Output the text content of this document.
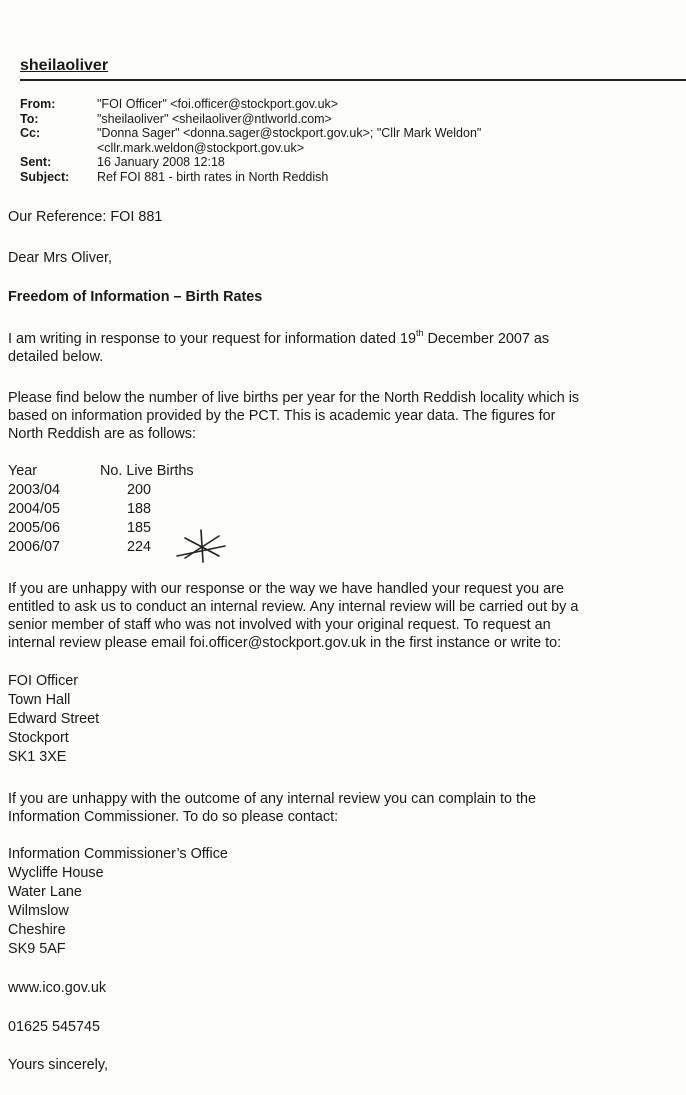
sheilaoliver
From:	"FOI Officer" <foi.officer@stockport.gov.uk>
To:	"sheilaoliver" <sheilaoliver@ntlworld.com>
Cc:	"Donna Sager" <donna.sager@stockport.gov.uk>; "Cllr Mark Weldon"
<cllr.mark.weldon@stockport.gov.uk>
Sent:	16 January 2008 12:18
Subject:	Ref FOI 881 - birth rates in North Reddish

Our Reference: FOI 881

Dear Mrs Oliver,

Freedom of Information – Birth Rates

I am writing in response to your request for information dated 19th December 2007 as

detailed below.

Please find below the number of live births per year for the North Reddish locality which is

based on information provided by the PCT. This is academic year data. The figures for

North Reddish are as follows:

Year	No. Live Births
2003/04	200
2004/05	188
2005/06	185
2006/07	224

If you are unhappy with our response or the way we have handled your request you are

entitled to ask us to conduct an internal review. Any internal review will be carried out by a

senior member of staff who was not involved with your original request. To request an

internal review please email foi.officer@stockport.gov.uk in the first instance or write to:

FOI Officer
Town Hall
Edward Street
Stockport
SK1 3XE

If you are unhappy with the outcome of any internal review you can complain to the

Information Commissioner. To do so please contact:

Information Commissioner’s Office
Wycliffe House
Water Lane
Wilmslow
Cheshire
SK9 5AF

www.ico.gov.uk

01625 545745

Yours sincerely,
